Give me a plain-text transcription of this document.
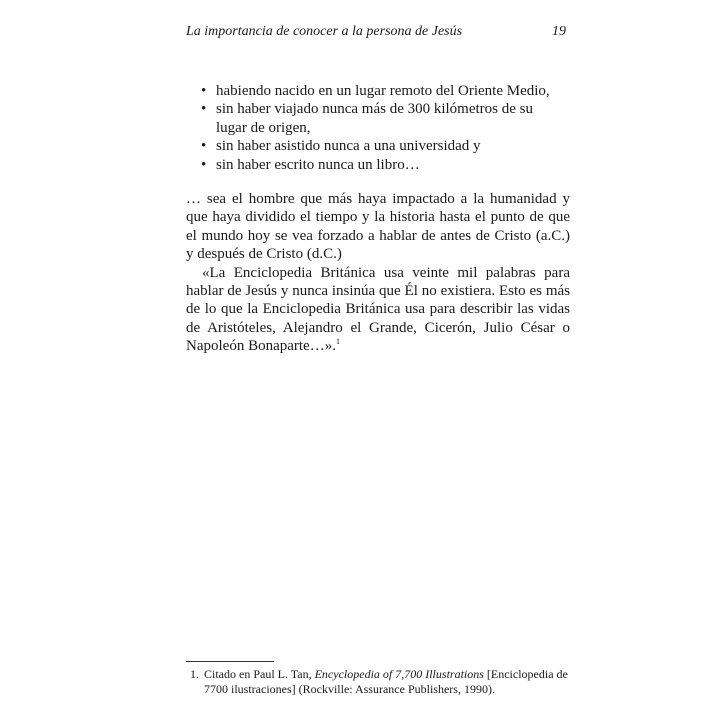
La importancia de conocer a la persona de Jesús	19
• habiendo nacido en un lugar remoto del Oriente Medio,
• sin haber viajado nunca más de 300 kilómetros de su lugar de origen,
• sin haber asistido nunca a una universidad y
• sin haber escrito nunca un libro…

… sea el hombre que más haya impactado a la humanidad y que haya dividido el tiempo y la historia hasta el punto de que el mundo hoy se vea forzado a hablar de antes de Cristo (a.C.) y después de Cristo (d.C.)

«La Enciclopedia Británica usa veinte mil palabras para hablar de Jesús y nunca insinúa que Él no existiera. Esto es más de lo que la Enciclopedia Británica usa para describir las vidas de Aristóteles, Alejandro el Grande, Cicerón, Julio César o Napoleón Bonaparte…».$^1$

1. Citado en Paul L. Tan, Encyclopedia of 7,700 Illustrations [Enciclopedia de 7700 ilustraciones] (Rockville: Assurance Publishers, 1990).
